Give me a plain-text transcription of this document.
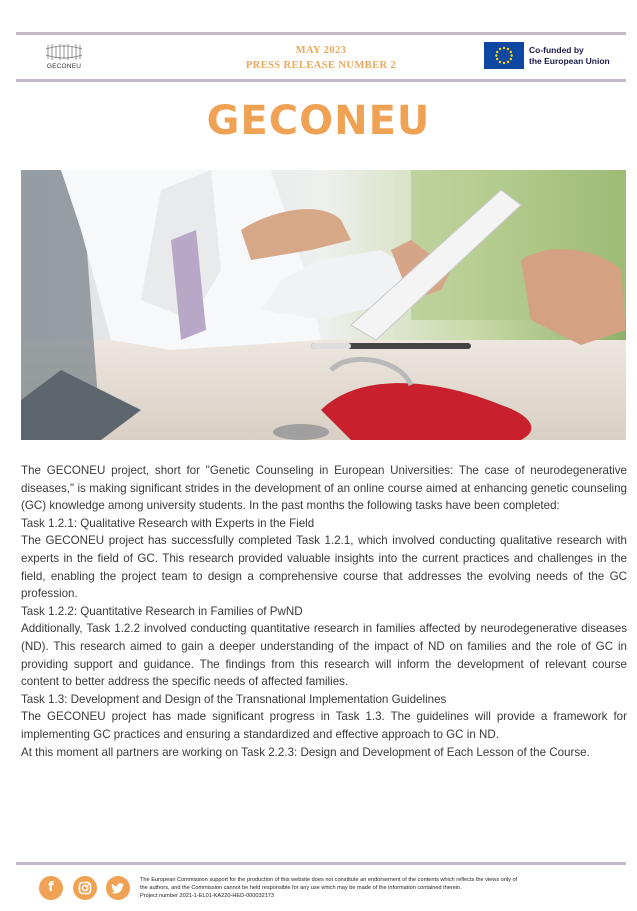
GECONEU
MAY 2023
PRESS RELEASE NUMBER 2
Co-funded by
the European Union
GECONEU

The GECONEU project, short for "Genetic Counseling in European Universities: The case of neurodegenerative diseases," is making significant strides in the development of an online course aimed at enhancing genetic counseling (GC) knowledge among university students. In the past months the following tasks have been completed:

Task 1.2.1: Qualitative Research with Experts in the Field

The GECONEU project has successfully completed Task 1.2.1, which involved conducting qualitative research with experts in the field of GC. This research provided valuable insights into the current practices and challenges in the field, enabling the project team to design a comprehensive course that addresses the evolving needs of the GC profession.

Task 1.2.2: Quantitative Research in Families of PwND

Additionally, Task 1.2.2 involved conducting quantitative research in families affected by neurodegenerative diseases (ND). This research aimed to gain a deeper understanding of the impact of ND on families and the role of GC in providing support and guidance. The findings from this research will inform the development of relevant course content to better address the specific needs of affected families.

Task 1.3: Development and Design of the Transnational Implementation Guidelines

The GECONEU project has made significant progress in Task 1.3. The guidelines will provide a framework for implementing GC practices and ensuring a standardized and effective approach to GC in ND.

At this moment all partners are working on Task 2.2.3: Design and Development of Each Lesson of the Course.

f	The European Commission support for the production of this website does not constitute an endorsement of the contents which reflects the views only of
the authors, and the Commission cannot be held responsible for any use which may be made of the information contained therein.
Project number 2021-1-EL01-KA220-HED-000032173
